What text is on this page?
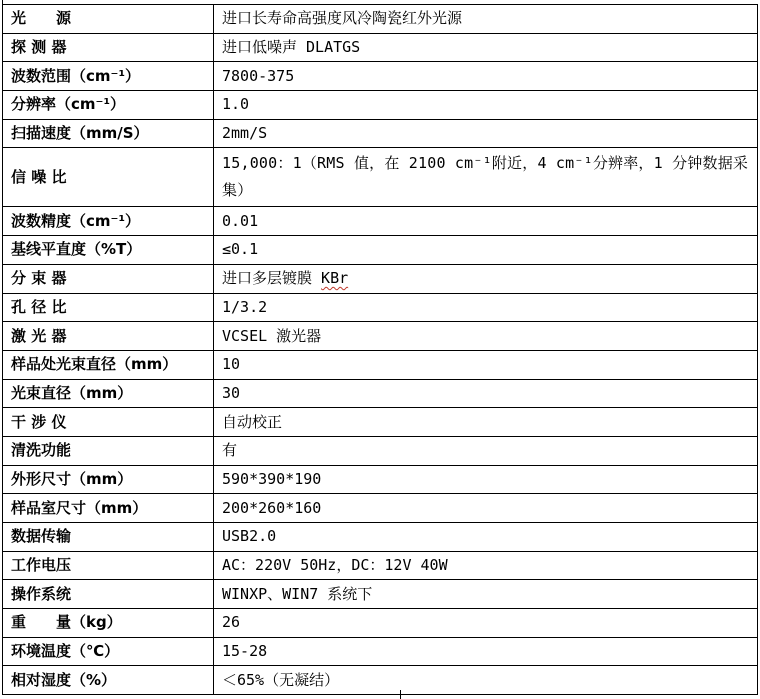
光　　源	进口长寿命高强度风冷陶瓷红外光源
探 测 器	进口低噪声 DLATGS
波数范围（cm⁻¹）	7800-375
分辨率（cm⁻¹）	1.0
扫描速度（mm/S）	2mm/S
信 噪 比	15,000：1（RMS 值，在 2100 cm⁻¹附近，4 cm⁻¹分辨率，1 分钟数据采集）
波数精度（cm⁻¹）	0.01
基线平直度（%T）	≤0.1
分 束 器	进口多层镀膜 KBr
孔 径 比	1/3.2
激 光 器	VCSEL 激光器
样品处光束直径（mm）	10
光束直径（mm）	30
干 涉 仪	自动校正
清洗功能	有
外形尺寸（mm）	590*390*190
样品室尺寸（mm）	200*260*160
数据传输	USB2.0
工作电压	AC：220V 50Hz，DC：12V 40W
操作系统	WINXP、WIN7 系统下
重　　量（kg）	26
环境温度（℃）	15-28
相对湿度（%）	＜65%（无凝结）
